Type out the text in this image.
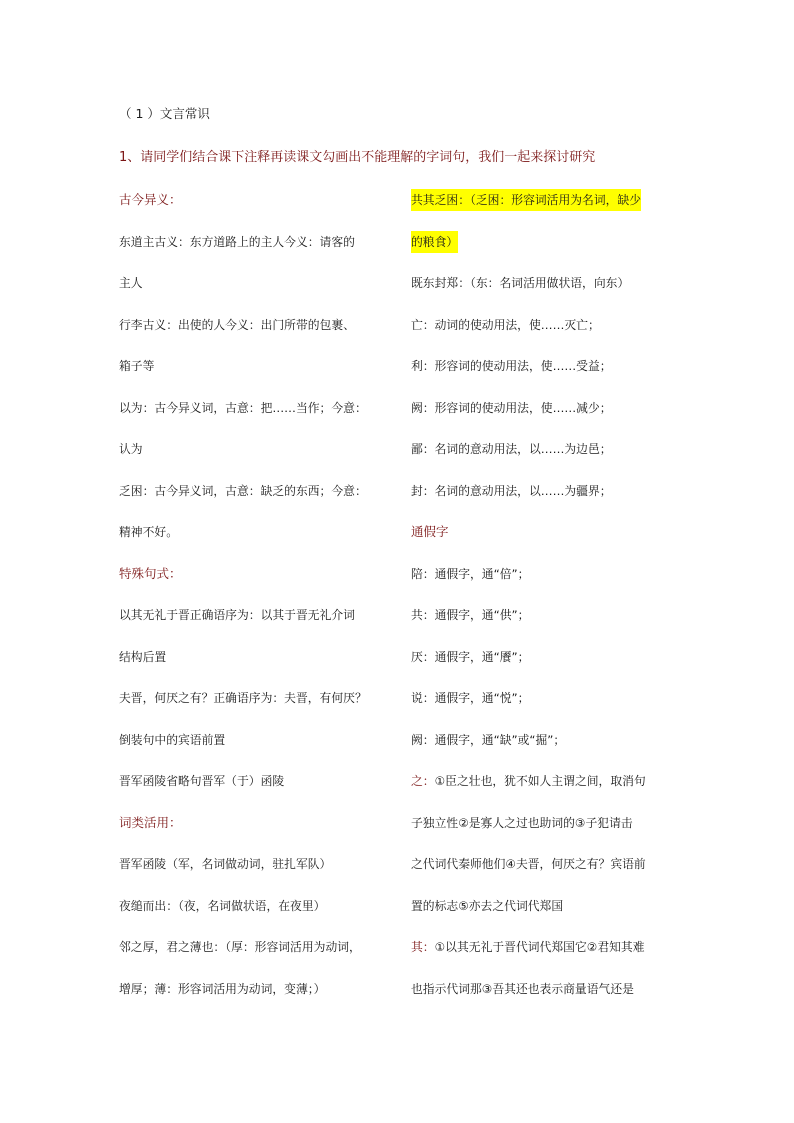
（ 1 ）文言常识
1、请同学们结合课下注释再读课文勾画出不能理解的字词句，我们一起来探讨研究
古今异义：
东道主古义：东方道路上的主人今义：请客的
主人
行李古义：出使的人今义：出门所带的包裹、
箱子等
以为：古今异义词，古意：把……当作；今意：
认为
乏困：古今异义词，古意：缺乏的东西；今意：
精神不好。
特殊句式：
以其无礼于晋正确语序为：以其于晋无礼介词
结构后置
夫晋，何厌之有？正确语序为：夫晋，有何厌？
倒装句中的宾语前置
晋军函陵省略句晋军（于）函陵
词类活用：
晋军函陵（军，名词做动词，驻扎军队）
夜缒而出：（夜，名词做状语，在夜里）
邻之厚，君之薄也：（厚：形容词活用为动词，
增厚；薄：形容词活用为动词，变薄；）
共其乏困：（乏困：形容词活用为名词，缺少
的粮食）
既东封郑：（东：名词活用做状语，向东）
亡：动词的使动用法，使……灭亡；
利：形容词的使动用法，使……受益；
阙：形容词的使动用法，使……减少；
鄙：名词的意动用法，以……为边邑；
封：名词的意动用法，以……为疆界；
通假字
陪：通假字，通“倍”；
共：通假字，通“供”；
厌：通假字，通“餍”；
说：通假字，通“悦”；
阙：通假字，通“缺”或“掘”；
之：①臣之壮也，犹不如人主谓之间，取消句
子独立性②是寡人之过也助词的③子犯请击
之代词代秦师他们④夫晋，何厌之有？宾语前
置的标志⑤亦去之代词代郑国
其：①以其无礼于晋代词代郑国它②君知其难
也指示代词那③吾其还也表示商量语气还是
